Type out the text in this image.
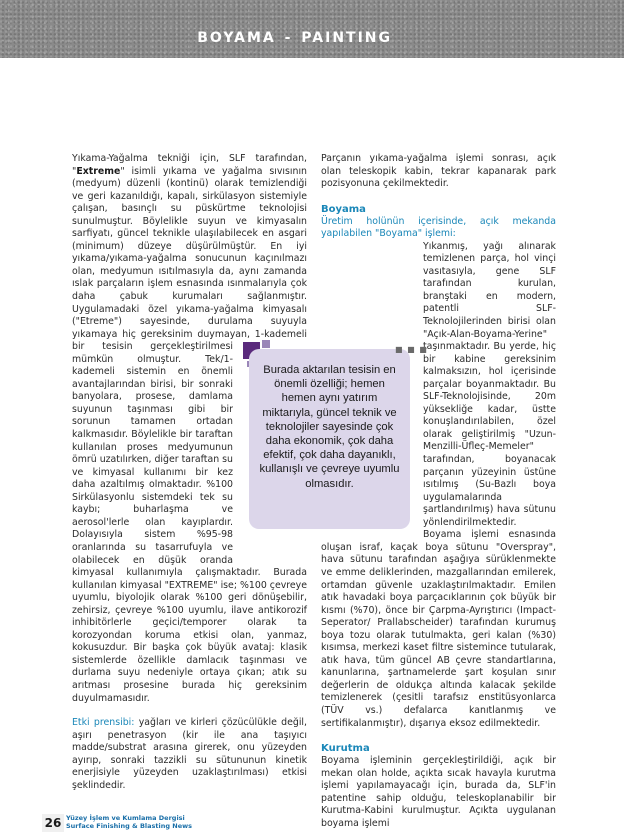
BOYAMA - PAINTING

Yıkama-Yağalma tekniği için, SLF tarafından, "Extreme" isimli yıkama ve yağalma sıvısının (medyum) düzenli (kontinü) olarak temizlendiği ve geri kazanıldığı, kapalı, sirkülasyon sistemiyle çalışan, basınçlı su püskürtme teknolojisi sunulmuştur. Böylelikle suyun ve kimyasalın sarfiyatı, güncel teknikle ulaşılabilecek en asgari (minimum) düzeye düşürülmüştür. En iyi yıkama/yıkama-yağalma sonucunun kaçınılmazı olan, medyumun ısıtılmasıyla da, aynı zamanda ıslak parçaların işlem esnasında ısınmalarıyla çok daha çabuk kurumaları sağlanmıştır. Uygulamadaki özel yıkama-yağalma kimyasalı ("Etreme") sayesinde, durulama suyuyla yıkamaya hiç gereksinim duymayan, 1-kademeli bir tesisin gerçekleştirilmesi mümkün olmuştur. Tek/1-kademeli sistemin en önemli avantajlarından birisi, bir sonraki banyolara, prosese, damlama suyunun taşınması gibi bir sorunun tamamen ortadan kalkmasıdır. Böylelikle bir taraftan kullanılan proses medyumunun ömrü uzatılırken, diğer taraftan su ve kimyasal kullanımı bir kez daha azaltılmış olmaktadır. %100 Sirkülasyonlu sistemdeki tek su kaybı; buharlaşma ve aerosol'lerle olan kayıplardır. Dolayısıyla sistem %95-98 oranlarında su tasarrufuyla ve olabilecek en düşük oranda kimyasal kullanımıyla çalışmaktadır. Burada kullanılan kimyasal "EXTREME" ise; %100 çevreye uyumlu, biyolojik olarak %100 geri dönüşebilir, zehirsiz, çevreye %100 uyumlu, ilave antikorozif inhibitörlerle geçici/temporer olarak ta korozyondan koruma etkisi olan, yanmaz, kokusuzdur. Bir başka çok büyük avataj: klasik sistemlerde özellikle damlacık taşınması ve durlama suyu nedeniyle ortaya çıkan; atık su arıtması prosesine burada hiç gereksinim duyulmamasıdır.

Etki prensibi: yağları ve kirleri çözücülükle değil, aşırı penetrasyon (kir ile ana taşıyıcı madde/substrat arasına girerek, onu yüzeyden ayırıp, sonraki tazzikli su sütununun kinetik enerjisiyle yüzeyden uzaklaştırılması) etkisi şeklindedir.

Parçanın yıkama-yağalma işlemi sonrası, açık olan teleskopik kabin, tekrar kapanarak park pozisyonuna çekilmektedir.

Boyama

Üretim holünün içerisinde, açık mekanda yapılabilen "Boyama" işlemi:

Yıkanmış, yağı alınarak temizlenen parça, hol vinçi vasıtasıyla, gene SLF tarafından kurulan, branştaki en modern, patentli SLF-Teknolojilerinden birisi olan "Açık-Alan-Boyama-Yerine" taşınmaktadır. Bu yerde, hiç bir kabine gereksinim kalmaksızın, hol içerisinde parçalar boyanmaktadır. Bu SLF-Teknolojisinde, 20m yüksekliğe kadar, üstte konuşlandırılabilen, özel olarak geliştirilmiş "Uzun-Menzilli-Üfleç-Memeler" tarafından, boyanacak parçanın yüzeyinin üstüne ısıtılmış (Su-Bazlı boya uygulamalarında şartlandırılmış) hava sütunu yönlendirilmektedir. Boyama işlemi esnasında oluşan israf, kaçak boya sütunu "Overspray", hava sütunu tarafından aşağıya sürüklenmekte ve emme deliklerinden, mazgallarından emilerek, ortamdan güvenle uzaklaştırılmaktadır. Emilen atık havadaki boya parçacıklarının çok büyük bir kısmı (%70), önce bir Çarpma-Ayrıştırıcı (Impact-Seperator/ Prallabscheider) tarafından kurumuş boya tozu olarak tutulmakta, geri kalan (%30) kısımsa, merkezi kaset filtre sistemince tutularak, atık hava, tüm güncel AB çevre standartlarına, kanunlarına, şartnamelerde şart koşulan sınır değerlerin de oldukça altında kalacak şekilde temizlenerek (çesitli tarafsız enstitüsyonlarca (TÜV vs.) defalarca kanıtlanmış ve sertifikalanmıştır), dışarıya eksoz edilmektedir.

Kurutma

Boyama işleminin gerçekleştirildiği, açık bir mekan olan holde, açıkta sıcak havayla kurutma işlemi yapılamayacağı için, burada da, SLF'in patentine sahip olduğu, teleskoplanabilir bir Kurutma-Kabini kurulmuştur. Açıkta uygulanan boyama işlemi

Burada aktarılan tesisin en önemli özelliği; hemen hemen aynı yatırım miktarıyla, güncel teknik ve teknolojiler sayesinde çok daha ekonomik, çok daha efektif, çok daha dayanıklı, kullanışlı ve çevreye uyumlu olmasıdır.
■ ■ ■
26 Yüzey İşlem ve Kumlama Dergisi
Surface Finishing & Blasting News
